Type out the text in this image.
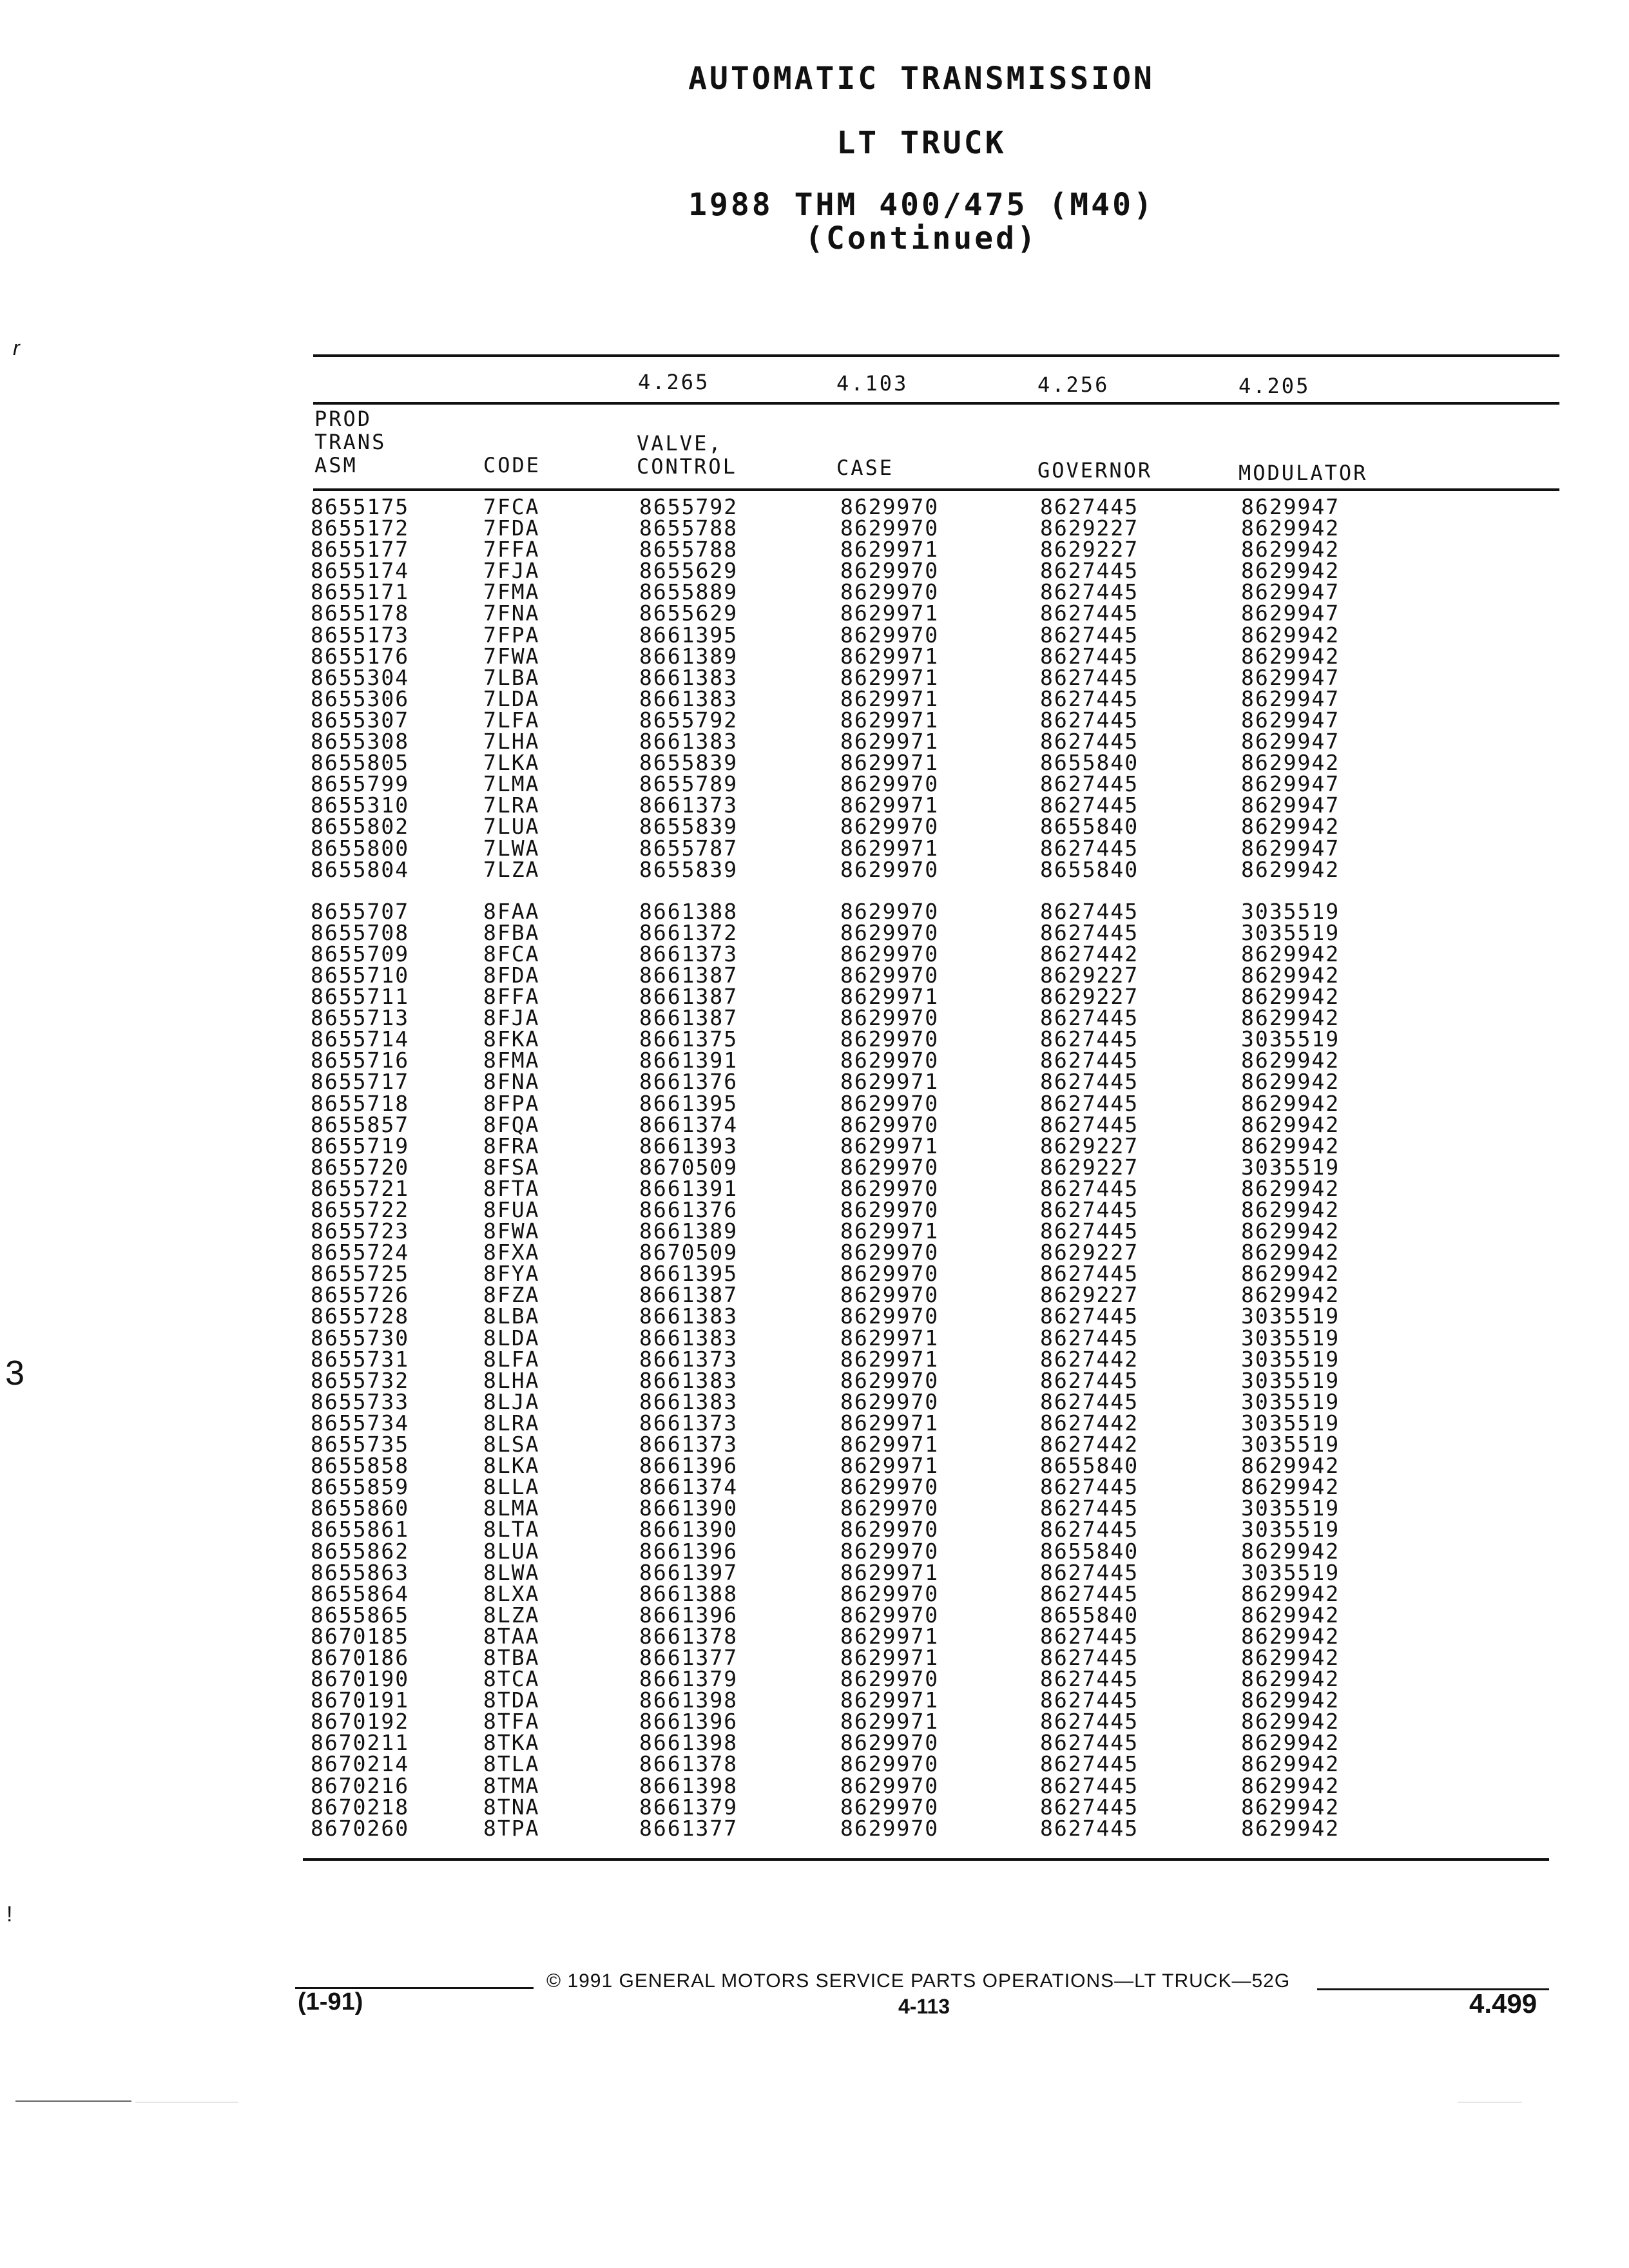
AUTOMATIC TRANSMISSION
LT TRUCK
1988 THM 400/475 (M40)
(Continued)
4.265	4.103	4.256	4.205
PROD
TRANS
ASM	CODE
VALVE,
CONTROL	CASE	GOVERNOR	MODULATOR
8655175	7FCA	8655792	8629970	8627445	8629947
8655172	7FDA	8655788	8629970	8629227	8629942
8655177	7FFA	8655788	8629971	8629227	8629942
8655174	7FJA	8655629	8629970	8627445	8629942
8655171	7FMA	8655889	8629970	8627445	8629947
8655178	7FNA	8655629	8629971	8627445	8629947
8655173	7FPA	8661395	8629970	8627445	8629942
8655176	7FWA	8661389	8629971	8627445	8629942
8655304	7LBA	8661383	8629971	8627445	8629947
8655306	7LDA	8661383	8629971	8627445	8629947
8655307	7LFA	8655792	8629971	8627445	8629947
8655308	7LHA	8661383	8629971	8627445	8629947
8655805	7LKA	8655839	8629971	8655840	8629942
8655799	7LMA	8655789	8629970	8627445	8629947
8655310	7LRA	8661373	8629971	8627445	8629947
8655802	7LUA	8655839	8629970	8655840	8629942
8655800	7LWA	8655787	8629971	8627445	8629947
8655804	7LZA	8655839	8629970	8655840	8629942

8655707	8FAA	8661388	8629970	8627445	3035519
8655708	8FBA	8661372	8629970	8627445	3035519
8655709	8FCA	8661373	8629970	8627442	8629942
8655710	8FDA	8661387	8629970	8629227	8629942
8655711	8FFA	8661387	8629971	8629227	8629942
8655713	8FJA	8661387	8629970	8627445	8629942
8655714	8FKA	8661375	8629970	8627445	3035519
8655716	8FMA	8661391	8629970	8627445	8629942
8655717	8FNA	8661376	8629971	8627445	8629942
8655718	8FPA	8661395	8629970	8627445	8629942
8655857	8FQA	8661374	8629970	8627445	8629942
8655719	8FRA	8661393	8629971	8629227	8629942
8655720	8FSA	8670509	8629970	8629227	3035519
8655721	8FTA	8661391	8629970	8627445	8629942
8655722	8FUA	8661376	8629970	8627445	8629942
8655723	8FWA	8661389	8629971	8627445	8629942
8655724	8FXA	8670509	8629970	8629227	8629942
8655725	8FYA	8661395	8629970	8627445	8629942
8655726	8FZA	8661387	8629970	8629227	8629942
8655728	8LBA	8661383	8629970	8627445	3035519
8655730	8LDA	8661383	8629971	8627445	3035519
8655731	8LFA	8661373	8629971	8627442	3035519
8655732	8LHA	8661383	8629970	8627445	3035519
8655733	8LJA	8661383	8629970	8627445	3035519
8655734	8LRA	8661373	8629971	8627442	3035519
8655735	8LSA	8661373	8629971	8627442	3035519
8655858	8LKA	8661396	8629971	8655840	8629942
8655859	8LLA	8661374	8629970	8627445	8629942
8655860	8LMA	8661390	8629970	8627445	3035519
8655861	8LTA	8661390	8629970	8627445	3035519
8655862	8LUA	8661396	8629970	8655840	8629942
8655863	8LWA	8661397	8629971	8627445	3035519
8655864	8LXA	8661388	8629970	8627445	8629942
8655865	8LZA	8661396	8629970	8655840	8629942
8670185	8TAA	8661378	8629971	8627445	8629942
8670186	8TBA	8661377	8629971	8627445	8629942
8670190	8TCA	8661379	8629970	8627445	8629942
8670191	8TDA	8661398	8629971	8627445	8629942
8670192	8TFA	8661396	8629971	8627445	8629942
8670211	8TKA	8661398	8629970	8627445	8629942
8670214	8TLA	8661378	8629970	8627445	8629942
8670216	8TMA	8661398	8629970	8627445	8629942
8670218	8TNA	8661379	8629970	8627445	8629942
8670260	8TPA	8661377	8629970	8627445	8629942
© 1991 GENERAL MOTORS SERVICE PARTS OPERATIONS—LT TRUCK—52G
(1-91)	4-113	4.499
r
3
!
